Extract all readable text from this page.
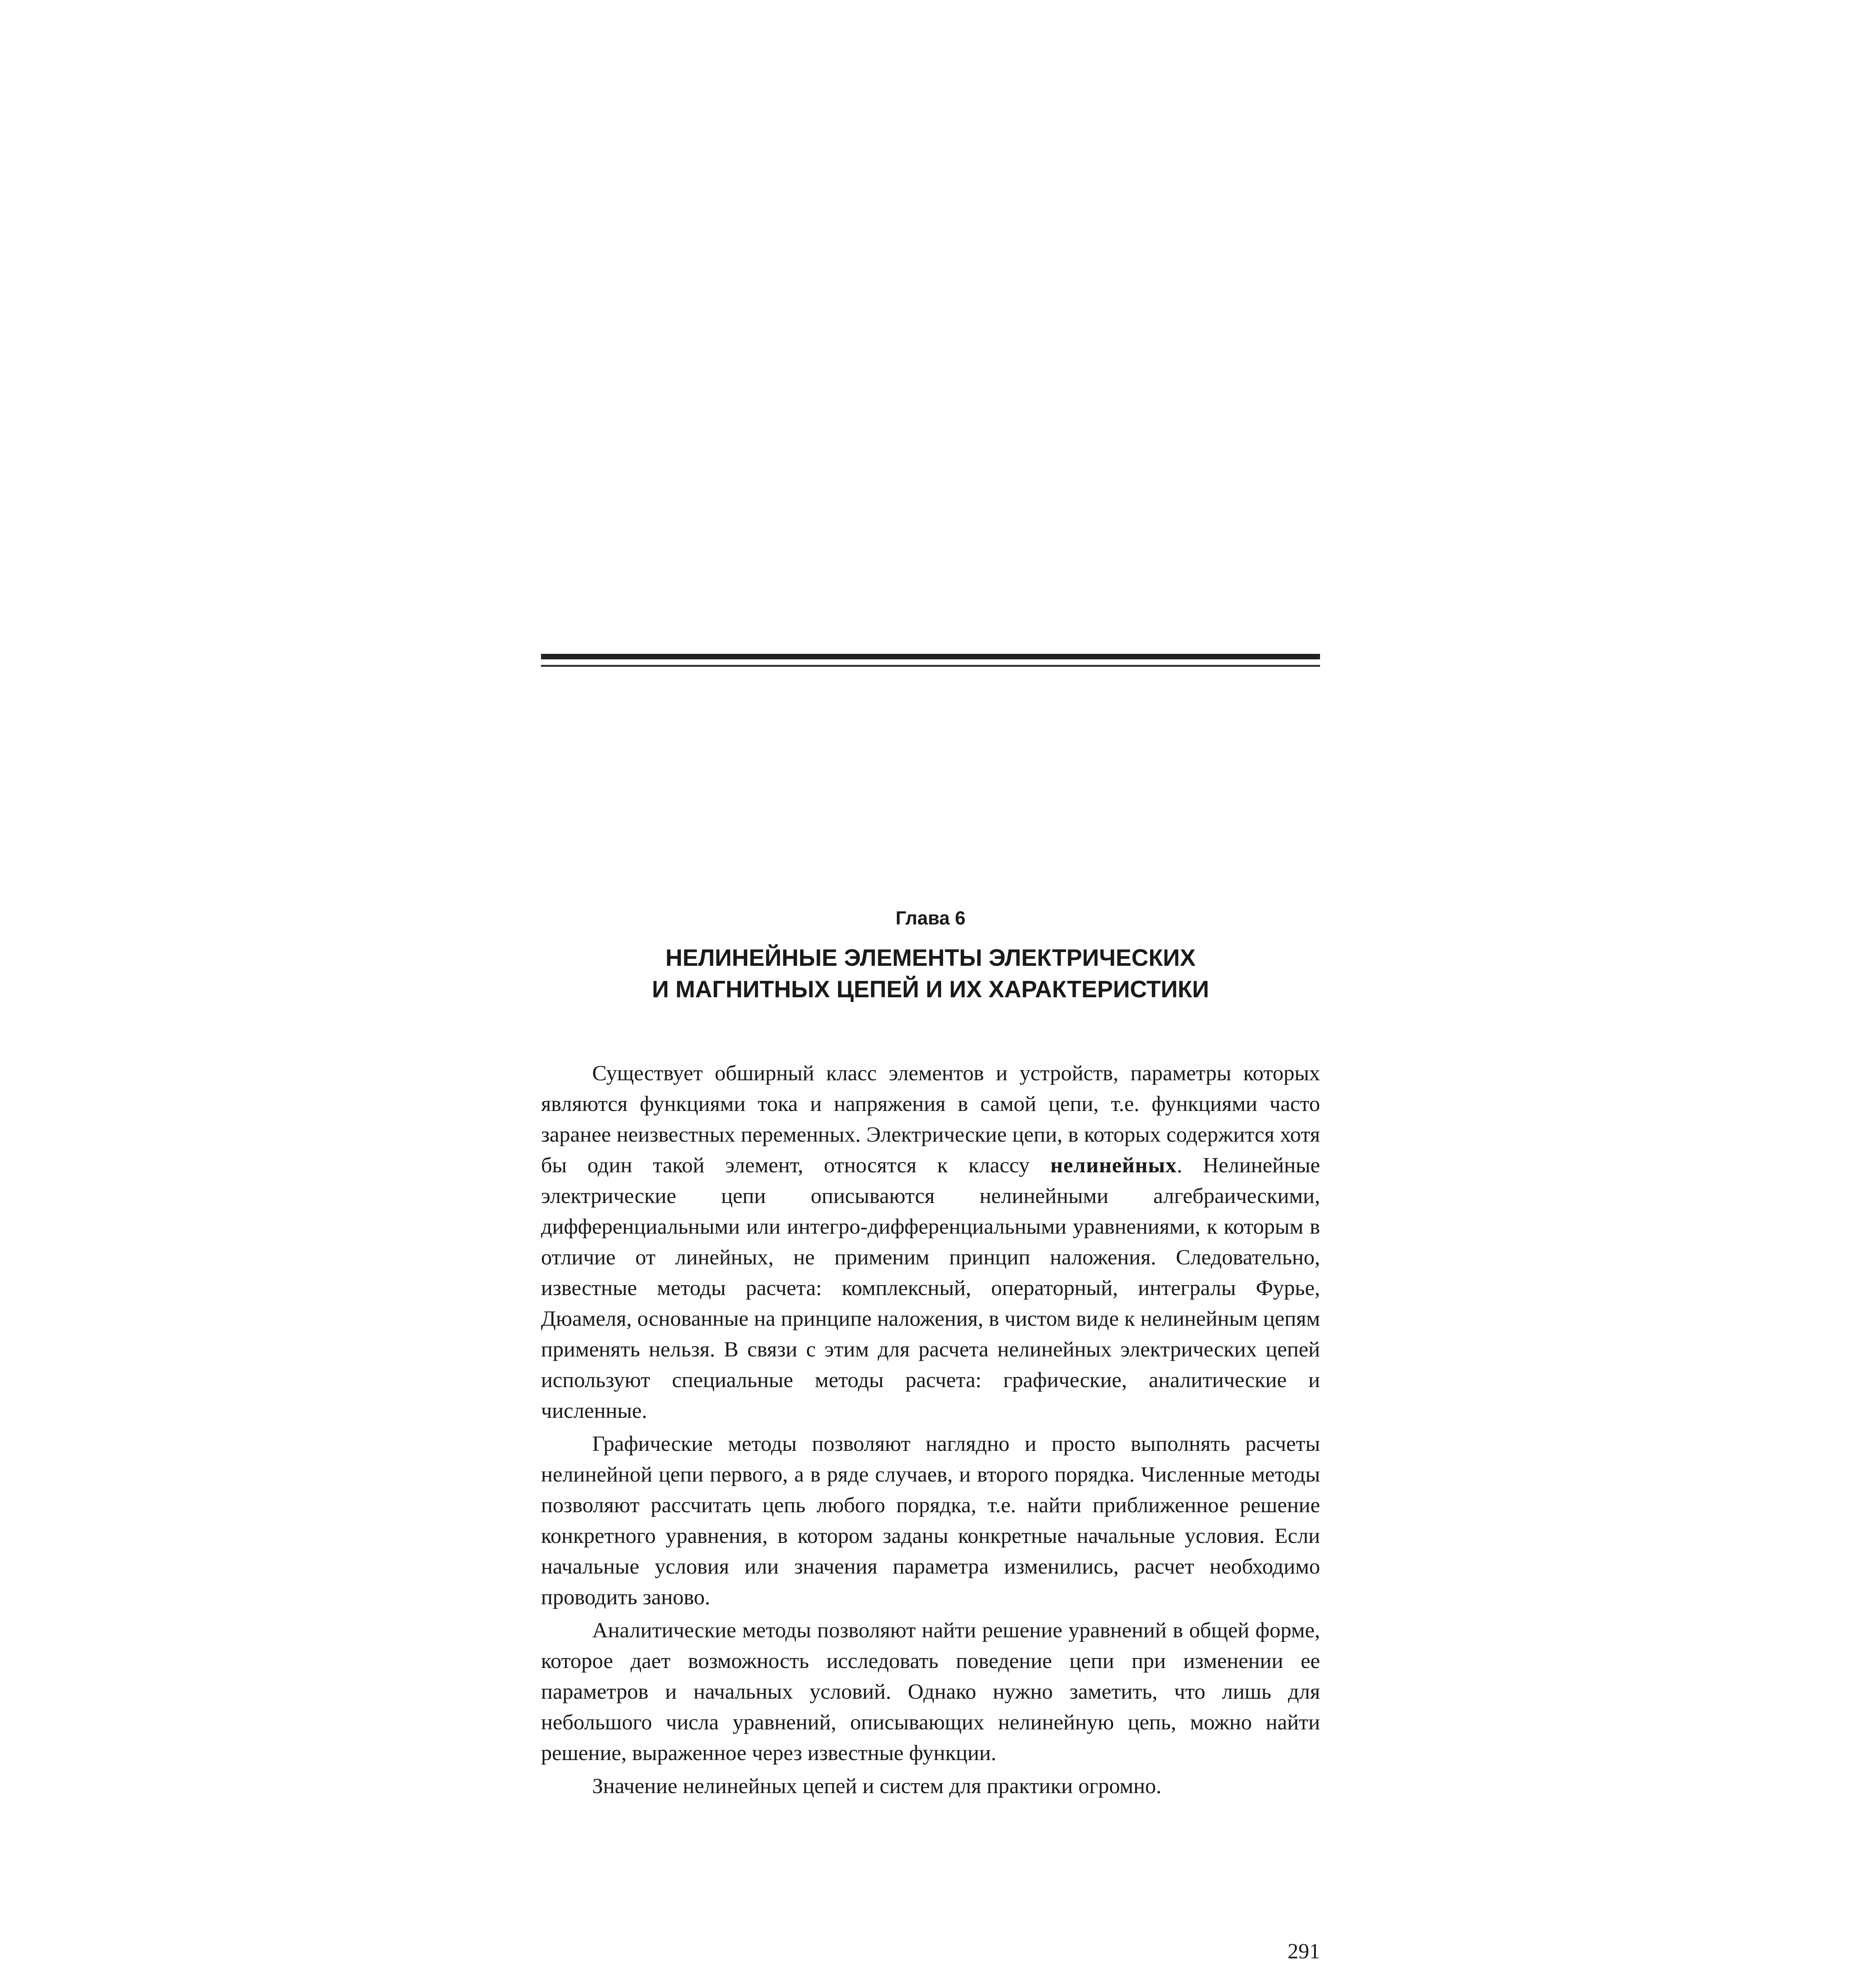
Глава 6
НЕЛИНЕЙНЫЕ ЭЛЕМЕНТЫ ЭЛЕКТРИЧЕСКИХ
И МАГНИТНЫХ ЦЕПЕЙ И ИХ ХАРАКТЕРИСТИКИ

Существует обширный класс элементов и устройств, параметры которых являются функциями тока и напряжения в самой цепи, т.е. функциями часто заранее неизвестных переменных. Электрические цепи, в которых содержится хотя бы один такой элемент, относятся к классу нелинейных. Нелинейные электрические цепи описываются нелинейными алгебраическими, дифференциальными или интегро-дифференциальными уравнениями, к которым в отличие от линейных, не применим принцип наложения. Следовательно, известные методы расчета: комплексный, операторный, интегралы Фурье, Дюамеля, основанные на принципе наложения, в чистом виде к нелинейным цепям применять нельзя. В связи с этим для расчета нелинейных электрических цепей используют специальные методы расчета: графические, аналитические и численные.

Графические методы позволяют наглядно и просто выполнять расчеты нелинейной цепи первого, а в ряде случаев, и второго порядка. Численные методы позволяют рассчитать цепь любого порядка, т.е. найти приближенное решение конкретного уравнения, в котором заданы конкретные начальные условия. Если начальные условия или значения параметра изменились, расчет необходимо проводить заново.

Аналитические методы позволяют найти решение уравнений в общей форме, которое дает возможность исследовать поведение цепи при изменении ее параметров и начальных условий. Однако нужно заметить, что лишь для небольшого числа уравнений, описывающих нелинейную цепь, можно найти решение, выраженное через известные функции.

Значение нелинейных цепей и систем для практики огромно.

291
